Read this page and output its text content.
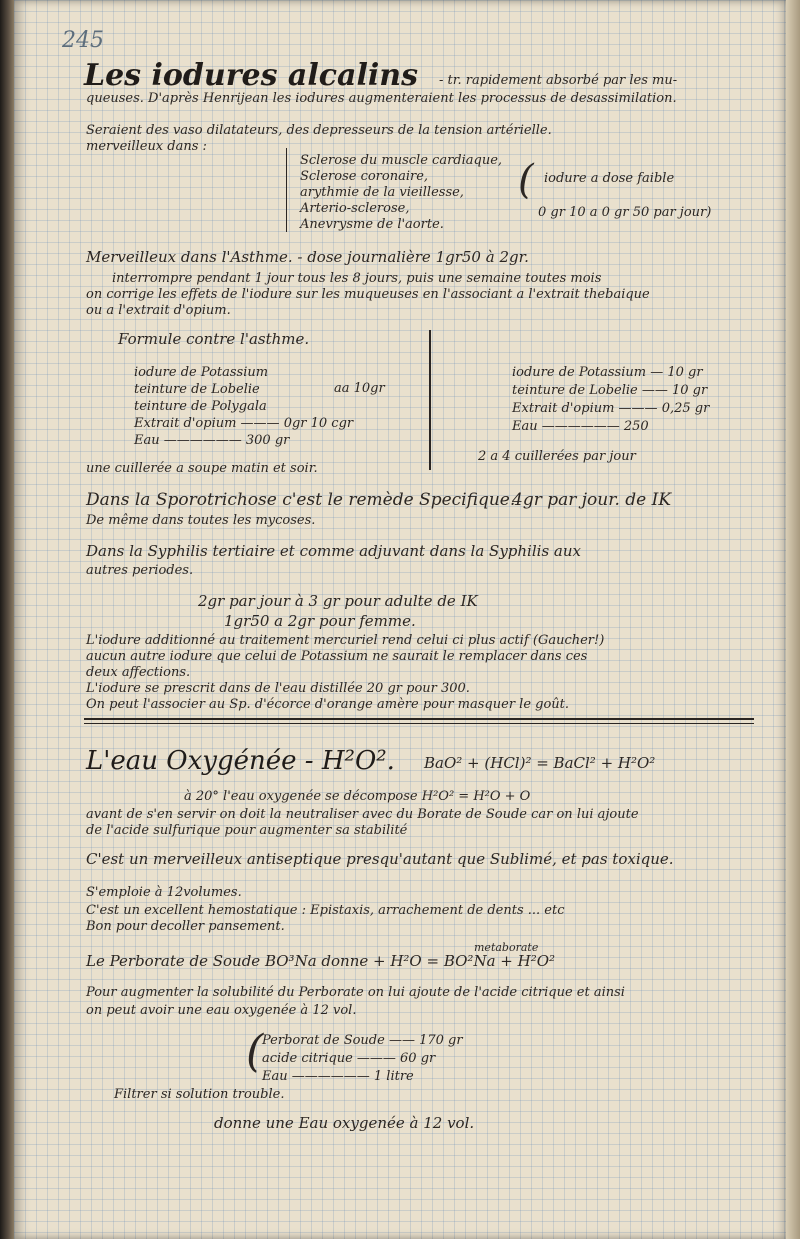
245
Les iodures alcalins - tr. rapidement absorbé par les mu-
queuses. D'après Henrijean les iodures augmenteraient les processus de desassimilation.
Seraient des vaso dilatateurs, des depresseurs de la tension artérielle.
merveilleux dans :
Sclerose du muscle cardiaque,
Sclerose coronaire,
arythmie de la vieillesse,
Arterio-sclerose,
Anevrysme de l'aorte.
( iodure a dose faible
0 gr 10 a 0 gr 50 par jour)
Merveilleux dans l'Asthme. - dose journalière 1gr50 à 2gr.
interrompre pendant 1 jour tous les 8 jours, puis une semaine toutes mois
on corrige les effets de l'iodure sur les muqueuses en l'associant a l'extrait thebaique
ou a l'extrait d'opium.
Formule contre l'asthme.
iodure de Potassium
teinture de Lobelie
teinture de Polygala
Extrait d'opium ——— 0gr 10 cgr
Eau —————— 300 gr
aa 10gr
iodure de Potassium — 10 gr
teinture de Lobelie —— 10 gr
Extrait d'opium ——— 0,25 gr
Eau —————— 250
une cuillerée a soupe matin et soir.
2 a 4 cuillerées par jour
Dans la Sporotrichose c'est le remède Specifique.
4gr par jour. de IK
De même dans toutes les mycoses.
Dans la Syphilis tertiaire et comme adjuvant dans la Syphilis aux
autres periodes.
2gr par jour à 3 gr pour adulte de IK
1gr50 a 2gr pour femme.
L'iodure additionné au traitement mercuriel rend celui ci plus actif (Gaucher!)
aucun autre iodure que celui de Potassium ne saurait le remplacer dans ces
deux affections.
L'iodure se prescrit dans de l'eau distillée 20 gr pour 300.
On peut l'associer au Sp. d'écorce d'orange amère pour masquer le goût.
L'eau Oxygénée - H²O². BaO² + (HCl)² = BaCl² + H²O²
à 20° l'eau oxygenée se décompose H²O² = H²O + O
avant de s'en servir on doit la neutraliser avec du Borate de Soude car on lui ajoute
de l'acide sulfurique pour augmenter sa stabilité
C'est un merveilleux antiseptique presqu'autant que Sublimé, et pas toxique.
S'emploie à 12volumes.
C'est un excellent hemostatique : Epistaxis, arrachement de dents ... etc
Bon pour decoller pansement.
metaborate
Le Perborate de Soude BO³Na donne + H²O = BO²Na + H²O²
Pour augmenter la solubilité du Perborate on lui ajoute de l'acide citrique et ainsi
on peut avoir une eau oxygenée à 12 vol.
(
Perborat de Soude —— 170 gr
acide citrique ——— 60 gr
Eau —————— 1 litre
Filtrer si solution trouble.
donne une Eau oxygenée à 12 vol.
